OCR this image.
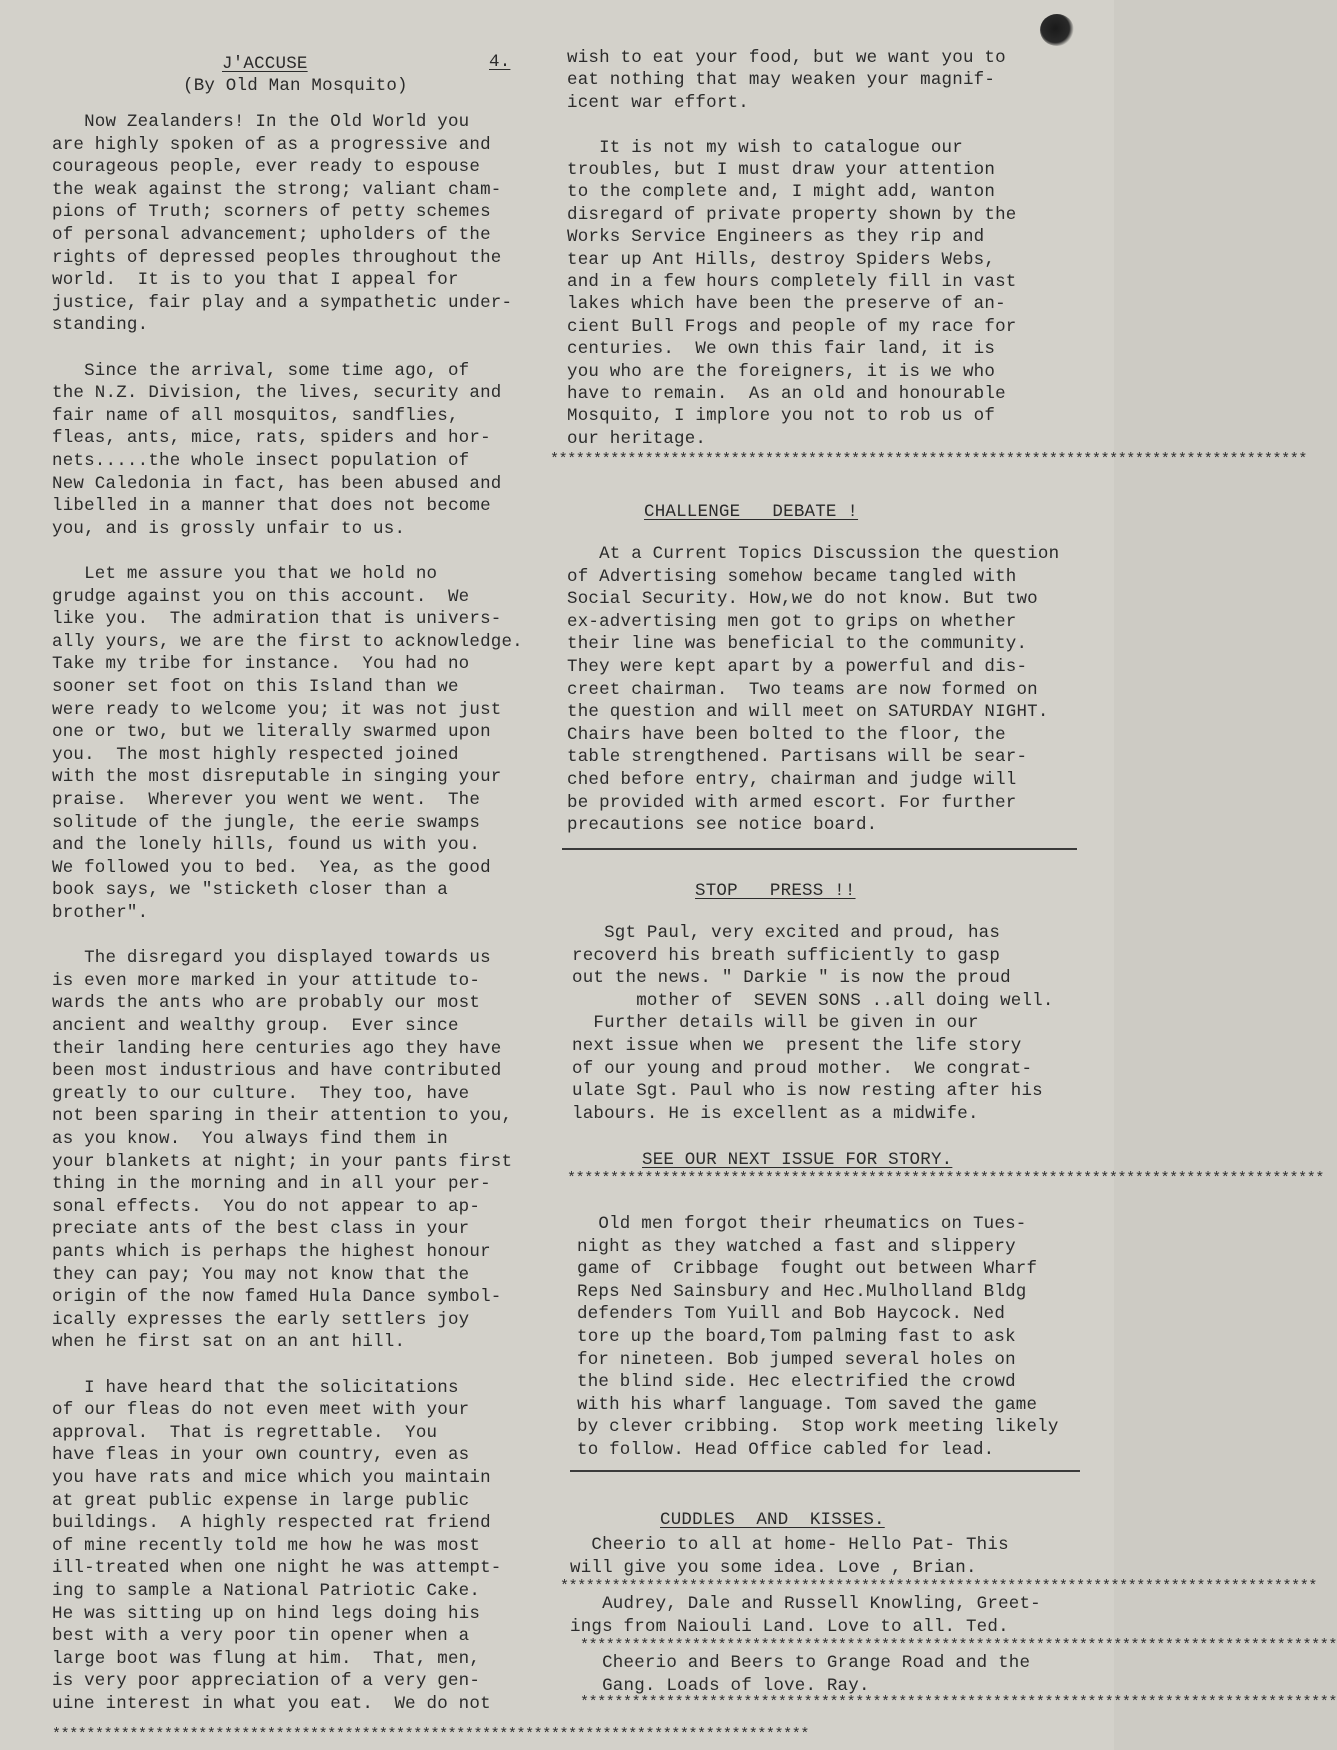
J'ACCUSE
(By Old Man Mosquito)
4.
Now Zealanders! In the Old World you
are highly spoken of as a progressive and
courageous people, ever ready to espouse
the weak against the strong; valiant cham-
pions of Truth; scorners of petty schemes
of personal advancement; upholders of the
rights of depressed peoples throughout the
world.  It is to you that I appeal for
justice, fair play and a sympathetic under-
standing.
Since the arrival, some time ago, of
the N.Z. Division, the lives, security and
fair name of all mosquitos, sandflies,
fleas, ants, mice, rats, spiders and hor-
nets.....the whole insect population of
New Caledonia in fact, has been abused and
libelled in a manner that does not become
you, and is grossly unfair to us.
Let me assure you that we hold no
grudge against you on this account.  We
like you.  The admiration that is univers-
ally yours, we are the first to acknowledge.
Take my tribe for instance.  You had no
sooner set foot on this Island than we
were ready to welcome you; it was not just
one or two, but we literally swarmed upon
you.  The most highly respected joined
with the most disreputable in singing your
praise.  Wherever you went we went.  The
solitude of the jungle, the eerie swamps
and the lonely hills, found us with you.
We followed you to bed.  Yea, as the good
book says, we "sticketh closer than a
brother".
The disregard you displayed towards us
is even more marked in your attitude to-
wards the ants who are probably our most
ancient and wealthy group.  Ever since
their landing here centuries ago they have
been most industrious and have contributed
greatly to our culture.  They too, have
not been sparing in their attention to you,
as you know.  You always find them in
your blankets at night; in your pants first
thing in the morning and in all your per-
sonal effects.  You do not appear to ap-
preciate ants of the best class in your
pants which is perhaps the highest honour
they can pay; You may not know that the
origin of the now famed Hula Dance symbol-
ically expresses the early settlers joy
when he first sat on an ant hill.
I have heard that the solicitations
of our fleas do not even meet with your
approval.  That is regrettable.  You
have fleas in your own country, even as
you have rats and mice which you maintain
at great public expense in large public
buildings.  A highly respected rat friend
of mine recently told me how he was most
ill-treated when one night he was attempt-
ing to sample a National Patriotic Cake.
He was sitting up on hind legs doing his
best with a very poor tin opener when a
large boot was flung at him.  That, men,
is very poor appreciation of a very gen-
uine interest in what you eat.  We do not
****************************************************************************************
wish to eat your food, but we want you to
eat nothing that may weaken your magnif-
icent war effort.
It is not my wish to catalogue our
troubles, but I must draw your attention
to the complete and, I might add, wanton
disregard of private property shown by the
Works Service Engineers as they rip and
tear up Ant Hills, destroy Spiders Webs,
and in a few hours completely fill in vast
lakes which have been the preserve of an-
cient Bull Frogs and people of my race for
centuries.  We own this fair land, it is
you who are the foreigners, it is we who
have to remain.  As an old and honourable
Mosquito, I implore you not to rob us of
our heritage.
****************************************************************************************
CHALLENGE   DEBATE !
At a Current Topics Discussion the question
of Advertising somehow became tangled with
Social Security. How,we do not know. But two
ex-advertising men got to grips on whether
their line was beneficial to the community.
They were kept apart by a powerful and dis-
creet chairman.  Two teams are now formed on
the question and will meet on SATURDAY NIGHT.
Chairs have been bolted to the floor, the
table strengthened. Partisans will be sear-
ched before entry, chairman and judge will
be provided with armed escort. For further
precautions see notice board.
STOP   PRESS !!
Sgt Paul, very excited and proud, has
recoverd his breath sufficiently to gasp
out the news. " Darkie " is now the proud
mother of  SEVEN SONS ..all doing well.
Further details will be given in our
next issue when we  present the life story
of our young and proud mother.  We congrat-
ulate Sgt. Paul who is now resting after his
labours. He is excellent as a midwife.
SEE OUR NEXT ISSUE FOR STORY.
****************************************************************************************
Old men forgot their rheumatics on Tues-
night as they watched a fast and slippery
game of  Cribbage  fought out between Wharf
Reps Ned Sainsbury and Hec.Mulholland Bldg
defenders Tom Yuill and Bob Haycock. Ned
tore up the board,Tom palming fast to ask
for nineteen. Bob jumped several holes on
the blind side. Hec electrified the crowd
with his wharf language. Tom saved the game
by clever cribbing.  Stop work meeting likely
to follow. Head Office cabled for lead.
CUDDLES  AND  KISSES.
Cheerio to all at home- Hello Pat- This
will give you some idea. Love , Brian.
****************************************************************************************
Audrey, Dale and Russell Knowling, Greet-
ings from Naiouli Land. Love to all. Ted.
****************************************************************************************
Cheerio and Beers to Grange Road and the
Gang. Loads of love. Ray.
****************************************************************************************
